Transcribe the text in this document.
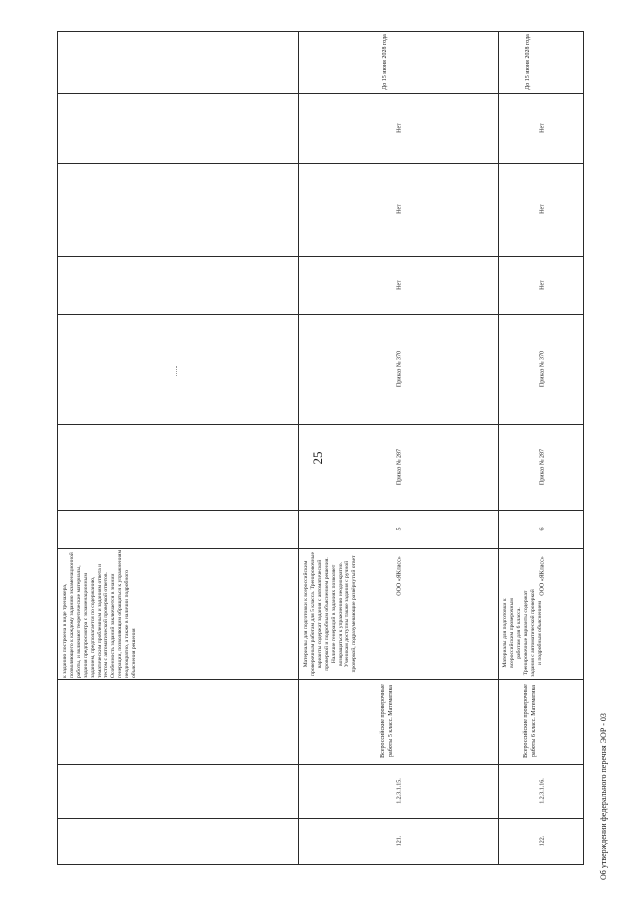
25
к заданию построена в виде тренажера, позволяющего к каждому заданию экзаменационной работы, и включают теоретические материалы, задания предпросмотра с экзаменационным заданием, предполагается по содержанию, тематическим проблемным и заданиям ответа и тестом с автоматической проверкой ответов. Особенность заданий заключается в знании генерации, позволяющим обращаться к упражнениям неоднократно, а также в наличии подробного объяснения решения
До 15 июня 2028 года
121.
1.2.3.1.15.
Всероссийские проверочные работы 5 класс. Математика
Материалы для подготовки к всероссийским проверочным работам для 5 класса. Тренировочные варианты содержат задания с автоматической проверкой и подробным объяснением решения. Наличие генераций в заданиях позволяет возвращаться к упражнению неоднократно. Ученикам доступны также задания с ручной проверкой, подразумевающие развёрнутый ответ	ООО «ЯКласс»
5
Приказ № 287
Приказ № 370
Нет
Нет
Нет
122.
1.2.3.1.16.
Всероссийские проверочные работы 6 класс. Математика
Материалы для подготовки к всероссийским проверочным работам для 6 класса. Тренировочные варианты содержат задания с автоматической проверкой и подробным объяснением
ООО «ЯКласс»
6
Приказ № 287
Приказ № 370
Нет
Нет
Нет
До 15 июня 2028 года
Об утверждении федерального перечня ЭОР - 03
